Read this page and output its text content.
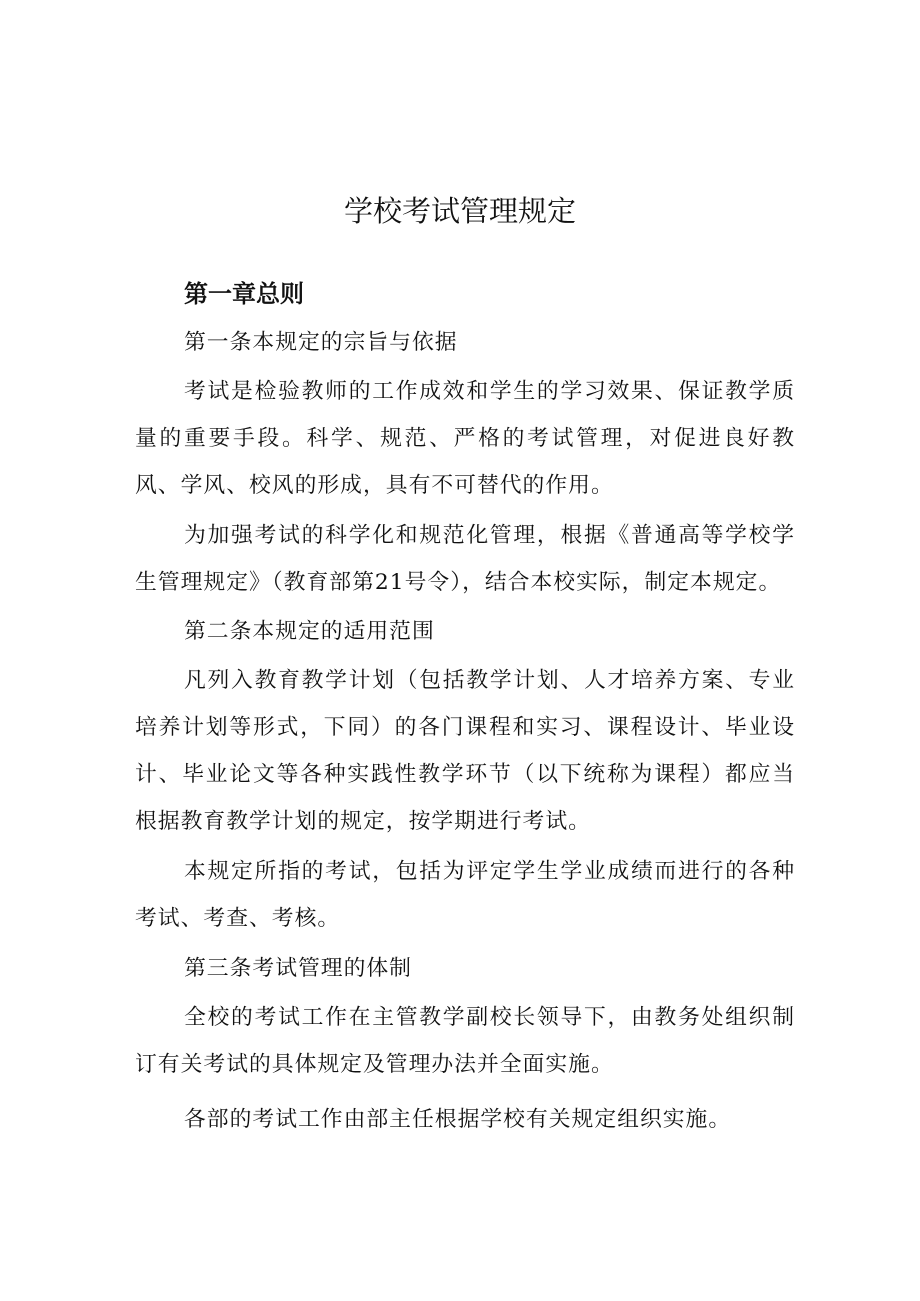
学校考试管理规定
第一章总则

第一条本规定的宗旨与依据

考试是检验教师的工作成效和学生的学习效果、保证教学质量的重要手段。科学、规范、严格的考试管理，对促进良好教风、学风、校风的形成，具有不可替代的作用。

为加强考试的科学化和规范化管理，根据《普通高等学校学生管理规定》（教育部第21号令），结合本校实际，制定本规定。

第二条本规定的适用范围

凡列入教育教学计划（包括教学计划、人才培养方案、专业培养计划等形式，下同）的各门课程和实习、课程设计、毕业设计、毕业论文等各种实践性教学环节（以下统称为课程）都应当根据教育教学计划的规定，按学期进行考试。

本规定所指的考试，包括为评定学生学业成绩而进行的各种考试、考查、考核。

第三条考试管理的体制

全校的考试工作在主管教学副校长领导下，由教务处组织制订有关考试的具体规定及管理办法并全面实施。

各部的考试工作由部主任根据学校有关规定组织实施。
